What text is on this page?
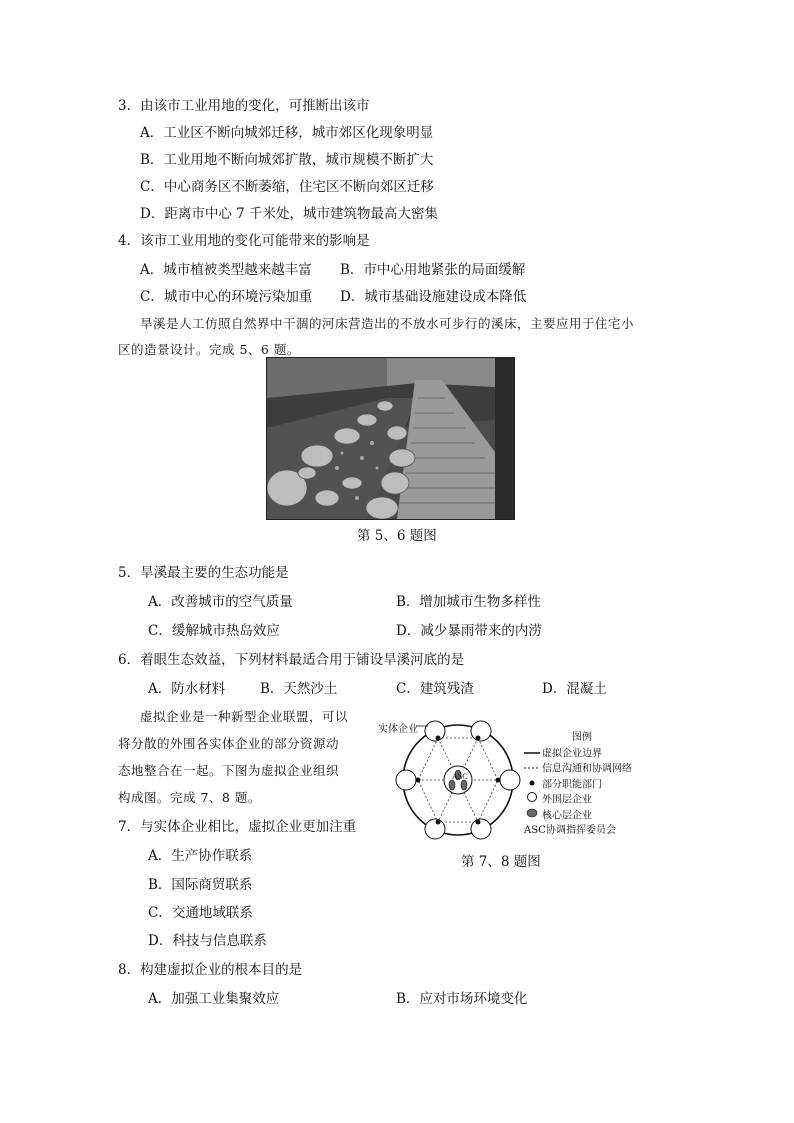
3．由该市工业用地的变化，可推断出该市
A．工业区不断向城郊迁移，城市郊区化现象明显
B．工业用地不断向城郊扩散，城市规模不断扩大
C．中心商务区不断萎缩，住宅区不断向郊区迁移
D．距离市中心 7 千米处，城市建筑物最高大密集
4．该市工业用地的变化可能带来的影响是
A．城市植被类型越来越丰富 B．市中心用地紧张的局面缓解
C．城市中心的环境污染加重 D．城市基础设施建设成本降低
旱溪是人工仿照自然界中干涸的河床营造出的不放水可步行的溪床，主要应用于住宅小
区的造景设计。完成 5、6 题。
第 5、6 题图
5．旱溪最主要的生态功能是
A．改善城市的空气质量	B．增加城市生物多样性
C．缓解城市热岛效应	D．减少暴雨带来的内涝
6．着眼生态效益，下列材料最适合用于铺设旱溪河底的是
A．防水材料	B．天然沙土	C．建筑残渣	D．混凝土
虚拟企业是一种新型企业联盟，可以
将分散的外围各实体企业的部分资源动
态地整合在一起。下图为虚拟企业组织
构成图。完成 7、8 题。
ASC
实体企业
图例
虚拟企业边界
信息沟通和协调网络
部分职能部门
外围层企业
核心层企业
ASC协调指挥委员会
第 7、8 题图
7．与实体企业相比，虚拟企业更加注重
A．生产协作联系
B．国际商贸联系
C．交通地域联系
D．科技与信息联系
8．构建虚拟企业的根本目的是
A．加强工业集聚效应	B．应对市场环境变化
